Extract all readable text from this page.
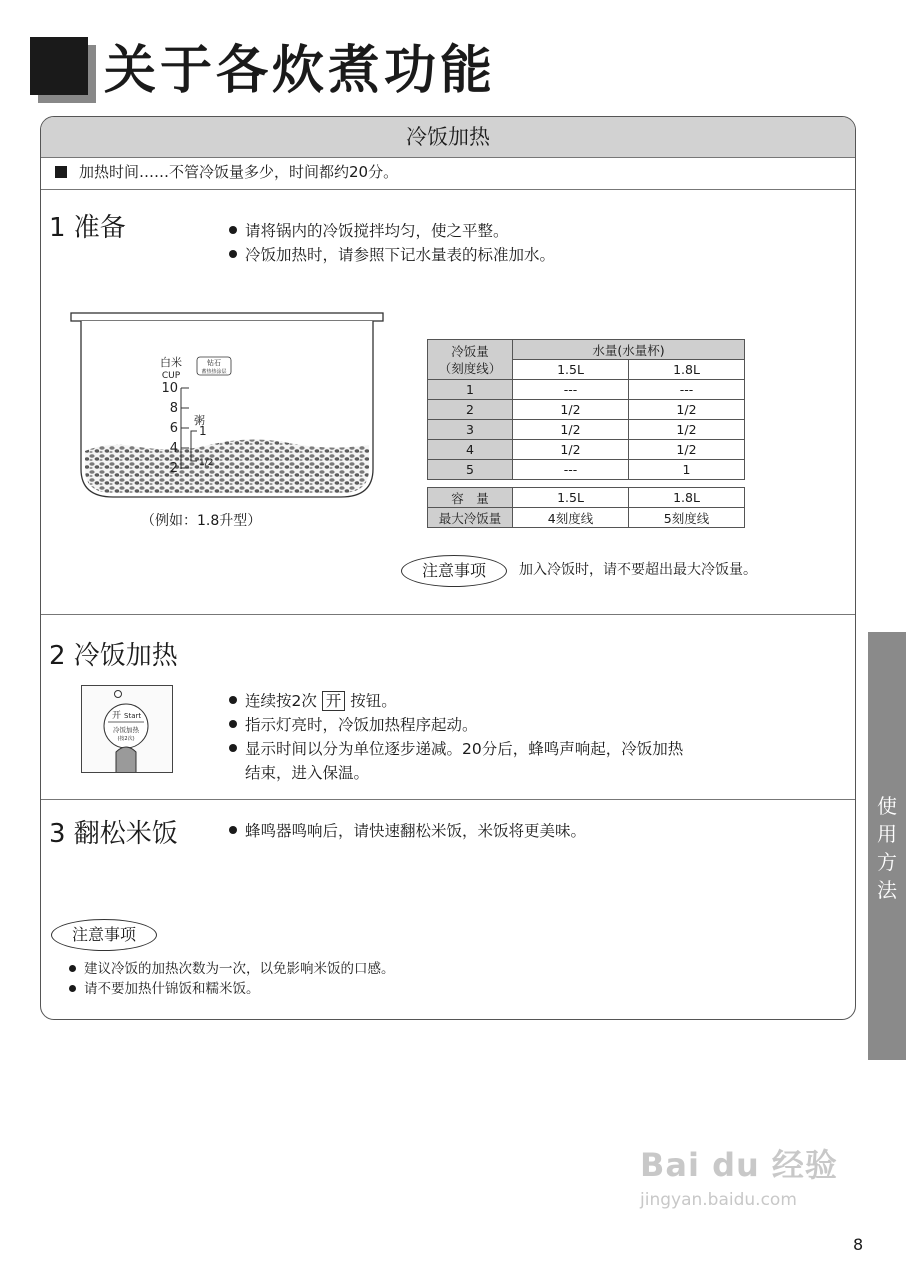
关于各炊煮功能
冷饭加热
加热时间……不管冷饭量多少，时间都约20分。
1 准备	请将锅内的冷饭搅拌均匀，使之平整。
冷饭加热时，请参照下记水量表的标准加水。
白米
CUP
钻石
蓄热热涂层
10
8
6
4
2
粥
1
1/2
（例如：1.8升型）
冷饭量
（刻度线）	水量(水量杯)	
	1.5L	1.8L
1	---	---
2	1/2	1/2
3	1/2	1/2
4	1/2	1/2
5	---	1
容　量	1.5L	1.8L
最大冷饭量	4刻度线	5刻度线
注意事项	加入冷饭时，请不要超出最大冷饭量。
2 冷饭加热
开 Start
冷饭加热
(按2次)
连续按2次 开 按钮。
指示灯亮时，冷饭加热程序起动。
显示时间以分为单位逐步递减。20分后，蜂鸣声响起，冷饭加热
结束，进入保温。
3 翻松米饭	蜂鸣器鸣响后，请快速翻松米饭，米饭将更美味。
注意事项
建议冷饭的加热次数为一次，以免影响米饭的口感。
请不要加热什锦饭和糯米饭。
使
用
方
法
Bai du 经验
jingyan.baidu.com
8
